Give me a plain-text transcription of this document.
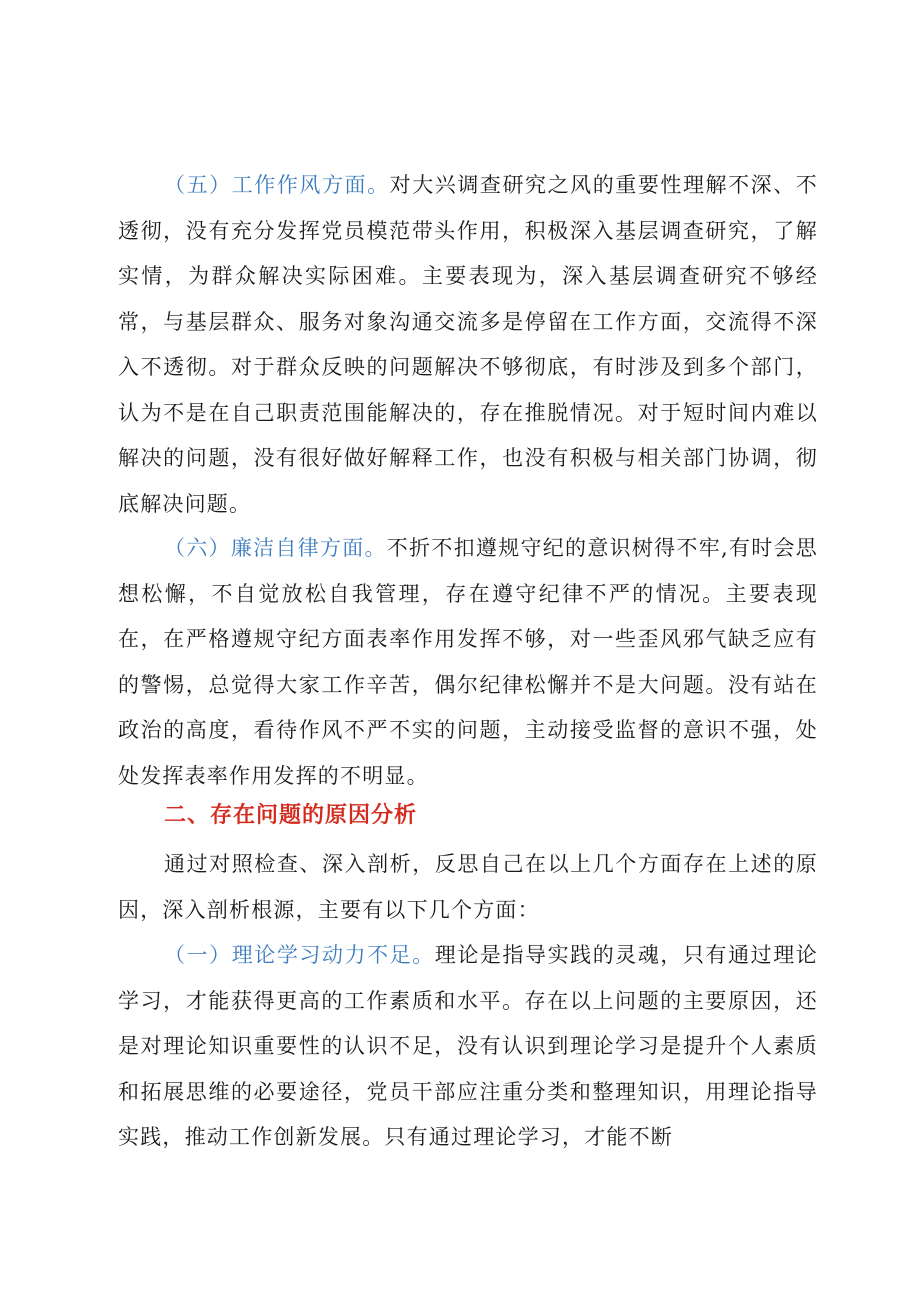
（五）工作作风方面。对大兴调查研究之风的重要性理解不深、不透彻，没有充分发挥党员模范带头作用，积极深入基层调查研究，了解实情，为群众解决实际困难。主要表现为，深入基层调查研究不够经常，与基层群众、服务对象沟通交流多是停留在工作方面，交流得不深入不透彻。对于群众反映的问题解决不够彻底，有时涉及到多个部门，认为不是在自己职责范围能解决的，存在推脱情况。对于短时间内难以解决的问题，没有很好做好解释工作，也没有积极与相关部门协调，彻底解决问题。

（六）廉洁自律方面。不折不扣遵规守纪的意识树得不牢,有时会思想松懈，不自觉放松自我管理，存在遵守纪律不严的情况。主要表现在，在严格遵规守纪方面表率作用发挥不够，对一些歪风邪气缺乏应有的警惕，总觉得大家工作辛苦，偶尔纪律松懈并不是大问题。没有站在政治的高度，看待作风不严不实的问题，主动接受监督的意识不强，处处发挥表率作用发挥的不明显。

二、存在问题的原因分析

通过对照检查、深入剖析，反思自己在以上几个方面存在上述的原因，深入剖析根源，主要有以下几个方面：

（一）理论学习动力不足。理论是指导实践的灵魂，只有通过理论学习，才能获得更高的工作素质和水平。存在以上问题的主要原因，还是对理论知识重要性的认识不足，没有认识到理论学习是提升个人素质和拓展思维的必要途径，党员干部应注重分类和整理知识，用理论指导实践，推动工作创新发展。只有通过理论学习，才能不断
